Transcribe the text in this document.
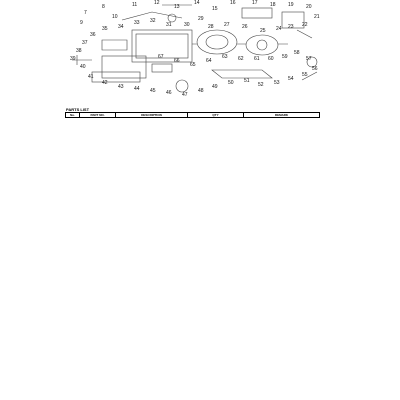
7
8
9
10
11	12
13
14
15
16	17 18 19 20
21
22
23
24
25
26
27
28
29
30
31
32
33
34
35
36
37
38
39
40
41
42
43 44 45 46 47
48
49
50 51
52 53
54
55
56
57
58
59
60
61
62
63
64
65
66
67
PARTS LIST
No.	PART NO.	DESCRIPTION	QTY	REMARK
